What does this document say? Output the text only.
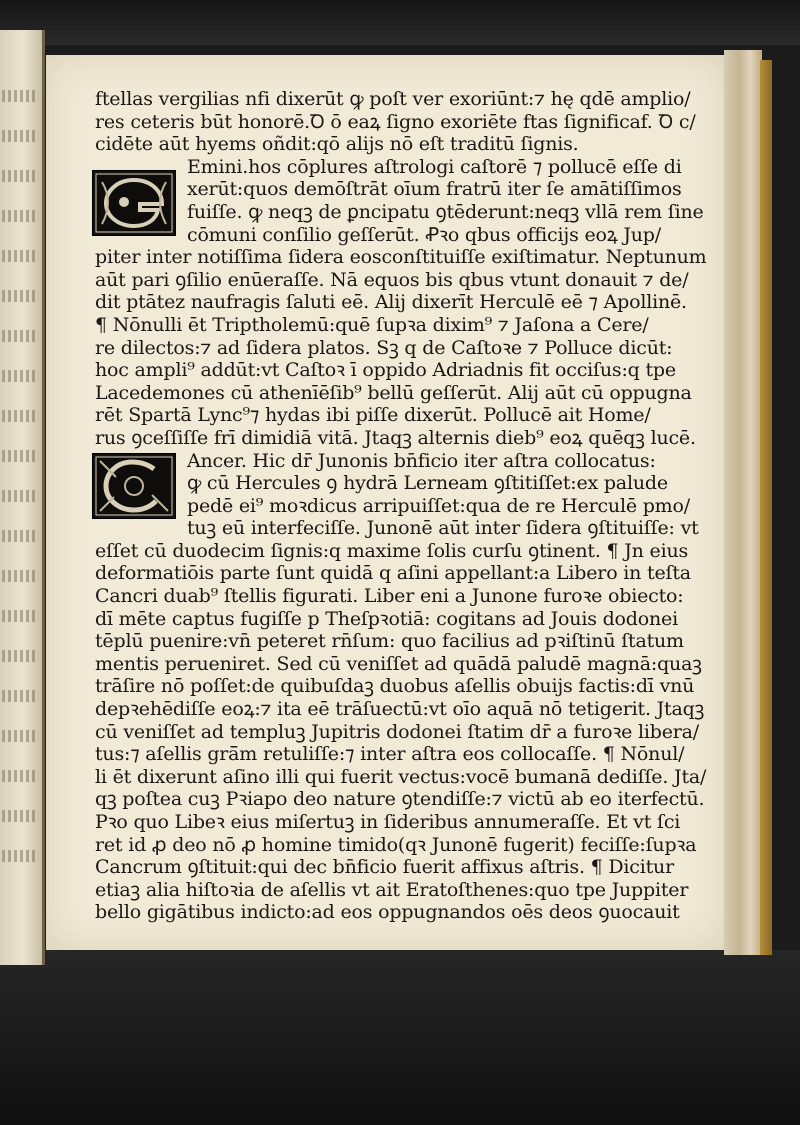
ftellas vergilias nfi dixerūt ꝙ poſt ver exoriūnt:⁊ hę qdē amplio/
res ceteris būt honorē.Ꝺ ō eaꝝ ſigno exoriēte ftas ſignificaf. Ꝺ c/
cidēte aūt hyems oñdit:qō alijs nō eſt traditū ſignis.
Emini.hos cōplures aſtrologi caſtorē ⁊ pollucē eſſe di
xerūt:quos demōſtrāt oīum fratrū iter ſe amātiſſimos
fuiſſe. ꝙ neqꝫ de ꝑncipatu ꝯtēderunt:neqꝫ vllā rem ſine
cōmuni conſilio geſſerūt. Ꝓꝛo qbus officijs eoꝝ Jup/
piter inter notiſſima ſidera eosconſtituiſſe exiſtimatur. Neptunum
aūt pari ꝯſilio enūeraſſe. Nā equos bis qbus vtunt donauit ⁊ de/
dit ptātez naufragis ſaluti eē. Alij dixerīt Herculē eē ⁊ Apollinē.
¶ Nōnulli ēt Triptholemū:quē ſupꝛa dixim⁹ ⁊ Jaſona a Cere/
re dilectos:⁊ ad ſidera platos. Sꝫ q de Caſtoꝛe ⁊ Polluce dicūt:
hoc ampli⁹ addūt:vt Caſtoꝛ ī oppido Adriadnis fit occiſus:q tpe
Lacedemones cū athenīēſib⁹ bellū geſſerūt. Alij aūt cū oppugna
rēt Spartā Lync⁹⁊ hydas ibi piſſe dixerūt. Pollucē ait Home/
rus ꝯceſſiſſe frī dimidiā vitā. Jtaqꝫ alternis dieb⁹ eoꝝ quēqꝫ lucē.
Ancer. Hic dr̄ Junonis bn̄ficio iter aſtra collocatus:
ꝙ cū Hercules ꝯ hydrā Lerneam ꝯſtitiſſet:ex palude
pedē ei⁹ moꝛdicus arripuiſſet:qua de re Herculē pmo/
tuꝫ eū interfeciſſe. Junonē aūt inter ſidera ꝯſtituiſſe: vt
eſſet cū duodecim ſignis:q maxime ſolis curſu ꝯtinent. ¶ Jn eius
deformatiōis parte ſunt quidā q aſini appellant:a Libero in teſta
Cancri duab⁹ ſtellis figurati. Liber eni a Junone furoꝛe obiecto:
dī mēte captus fugiſſe p Theſpꝛotiā: cogitans ad Jouis dodonei
tēplū puenire:vn̄ peteret rn̄ſum: quo facilius ad pꝛiſtinū ſtatum
mentis perueniret. Sed cū veniſſet ad quādā paludē magnā:quaꝫ
trāſire nō poſſet:de quibuſdaꝫ duobus aſellis obuijs factis:dī vnū
depꝛehēdiſſe eoꝝ:⁊ ita eē trāſuectū:vt oīo aquā nō tetigerit. Jtaqꝫ
cū veniſſet ad templuꝫ Jupitris dodonei ſtatim dr̄ a furoꝛe libera/
tus:⁊ aſellis grā̄m retuliſſe:⁊ inter aſtra eos collocaſſe. ¶ Nōnul/
li ēt dixerunt aſino illi qui fuerit vectus:vocē bumanā dediſſe. Jta/
qꝫ poſtea cuꝫ Pꝛiapo deo nature ꝯtendiſſe:⁊ victū ab eo iterfectū.
Pꝛo quo Libeꝛ eius miſertuꝫ in ſideribus annumeraſſe. Et vt ſci
ret id ꝓ deo nō ꝓ homine timido(qꝛ Junonē fugerit) feciſſe:ſupꝛa
Cancrum ꝯſtituit:qui dec bn̄ficio fuerit affixus aſtris. ¶ Dicitur
etiaꝫ alia hiſtoꝛia de aſellis vt ait Eratoſthenes:quo tpe Juppiter
bello gigātibus indicto:ad eos oppugnandos oēs deos ꝯuocauit
